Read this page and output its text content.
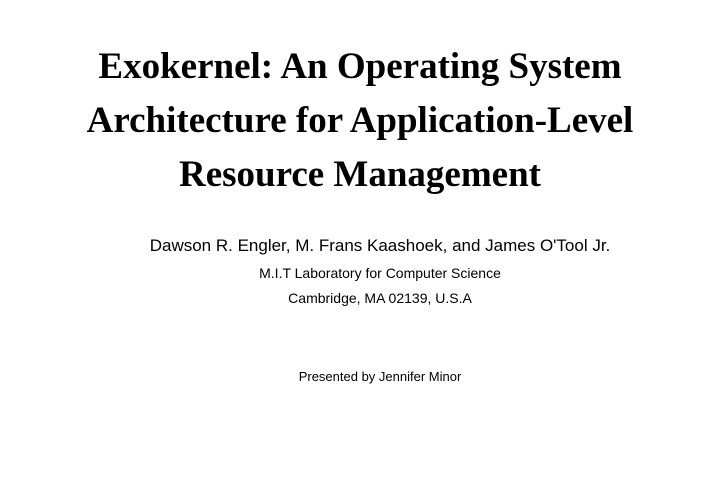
Exokernel: An Operating System
Architecture for Application-Level
Resource Management
Dawson R. Engler, M. Frans Kaashoek, and James O'Tool Jr.
M.I.T Laboratory for Computer Science
Cambridge, MA 02139, U.S.A
Presented by Jennifer Minor
